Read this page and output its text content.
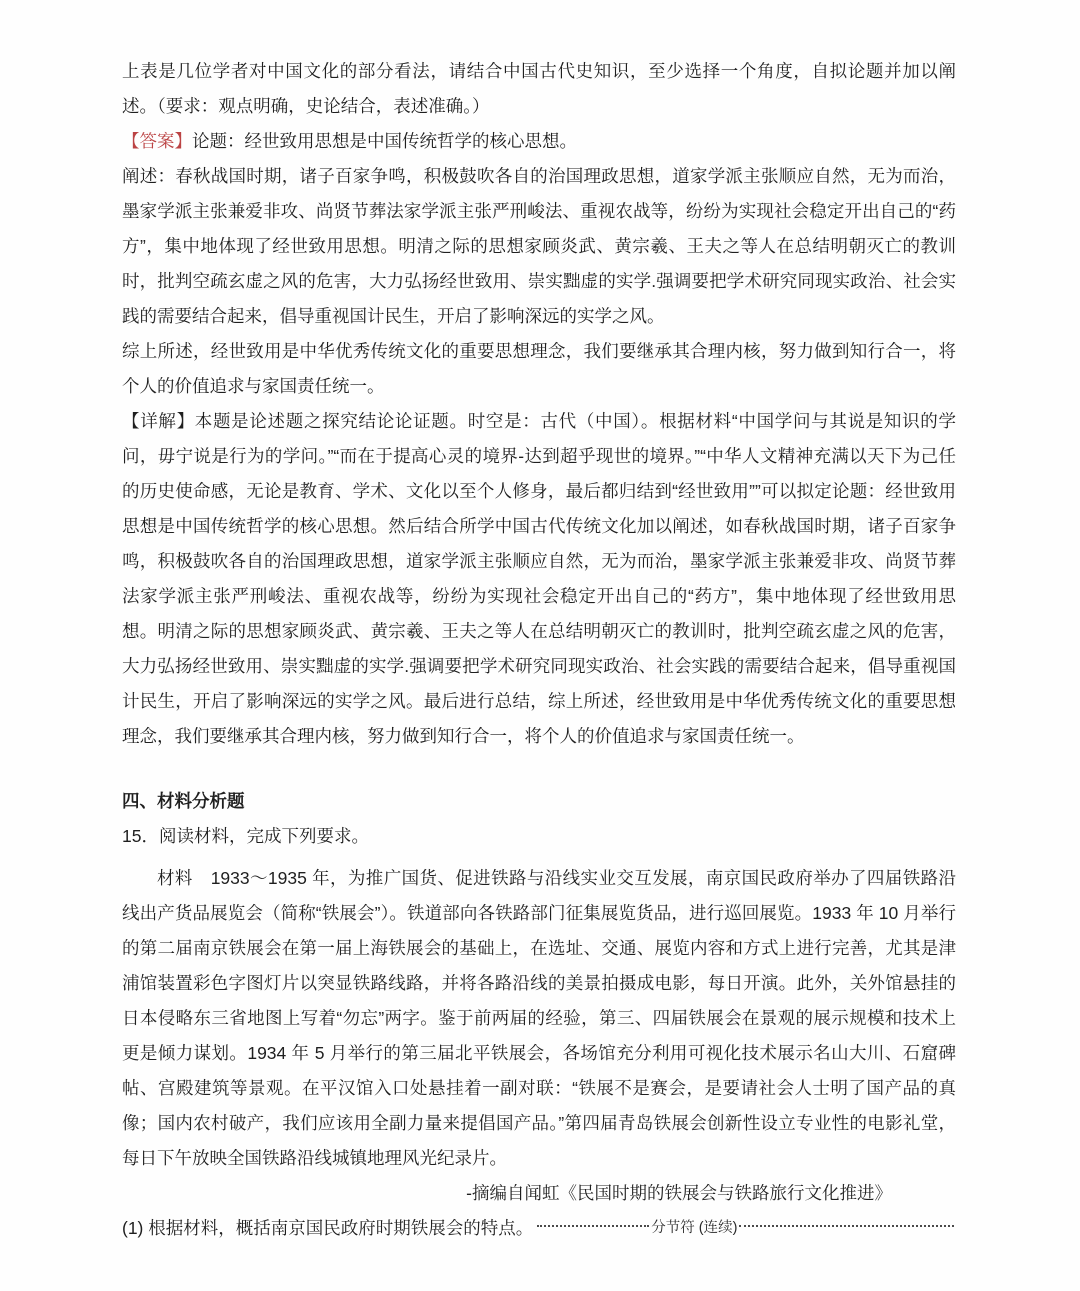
上表是几位学者对中国文化的部分看法，请结合中国古代史知识，至少选择一个角度，自拟论题并加以阐述。（要求：观点明确，史论结合，表述准确。）

【答案】论题：经世致用思想是中国传统哲学的核心思想。

阐述：春秋战国时期，诸子百家争鸣，积极鼓吹各自的治国理政思想，道家学派主张顺应自然，无为而治，墨家学派主张兼爱非攻、尚贤节葬法家学派主张严刑峻法、重视农战等，纷纷为实现社会稳定开出自己的“药方”，集中地体现了经世致用思想。明清之际的思想家顾炎武、黄宗羲、王夫之等人在总结明朝灭亡的教训时，批判空疏玄虚之风的危害，大力弘扬经世致用、崇实黜虚的实学.强调要把学术研究同现实政治、社会实践的需要结合起来，倡导重视国计民生，开启了影响深远的实学之风。

综上所述，经世致用是中华优秀传统文化的重要思想理念，我们要继承其合理内核，努力做到知行合一，将个人的价值追求与家国责任统一。

【详解】本题是论述题之探究结论论证题。时空是：古代（中国）。根据材料“中国学问与其说是知识的学问，毋宁说是行为的学问。”“而在于提高心灵的境界-达到超乎现世的境界。”“中华人文精神充满以天下为己任的历史使命感，无论是教育、学术、文化以至个人修身，最后都归结到“经世致用””可以拟定论题：经世致用思想是中国传统哲学的核心思想。然后结合所学中国古代传统文化加以阐述，如春秋战国时期，诸子百家争鸣，积极鼓吹各自的治国理政思想，道家学派主张顺应自然，无为而治，墨家学派主张兼爱非攻、尚贤节葬法家学派主张严刑峻法、重视农战等，纷纷为实现社会稳定开出自己的“药方”，集中地体现了经世致用思想。明清之际的思想家顾炎武、黄宗羲、王夫之等人在总结明朝灭亡的教训时，批判空疏玄虚之风的危害，大力弘扬经世致用、崇实黜虚的实学.强调要把学术研究同现实政治、社会实践的需要结合起来，倡导重视国计民生，开启了影响深远的实学之风。最后进行总结，综上所述，经世致用是中华优秀传统文化的重要思想理念，我们要继承其合理内核，努力做到知行合一，将个人的价值追求与家国责任统一。

四、材料分析题

15．阅读材料，完成下列要求。

材料　1933～1935 年，为推广国货、促进铁路与沿线实业交互发展，南京国民政府举办了四届铁路沿线出产货品展览会（简称“铁展会”）。铁道部向各铁路部门征集展览货品，进行巡回展览。1933 年 10 月举行的第二届南京铁展会在第一届上海铁展会的基础上，在选址、交通、展览内容和方式上进行完善，尤其是津浦馆装置彩色字图灯片以突显铁路线路，并将各路沿线的美景拍摄成电影，每日开演。此外，关外馆悬挂的日本侵略东三省地图上写着“勿忘”两字。鉴于前两届的经验，第三、四届铁展会在景观的展示规模和技术上更是倾力谋划。1934 年 5 月举行的第三届北平铁展会，各场馆充分利用可视化技术展示名山大川、石窟碑帖、宫殿建筑等景观。在平汉馆入口处悬挂着一副对联：“铁展不是赛会，是要请社会人士明了国产品的真像；国内农村破产，我们应该用全副力量来提倡国产品。”第四届青岛铁展会创新性设立专业性的电影礼堂，每日下午放映全国铁路沿线城镇地理风光纪录片。

-摘编自闻虹《民国时期的铁展会与铁路旅行文化推进》

(1) 根据材料，概括南京国民政府时期铁展会的特点。	分节符 (连续)
